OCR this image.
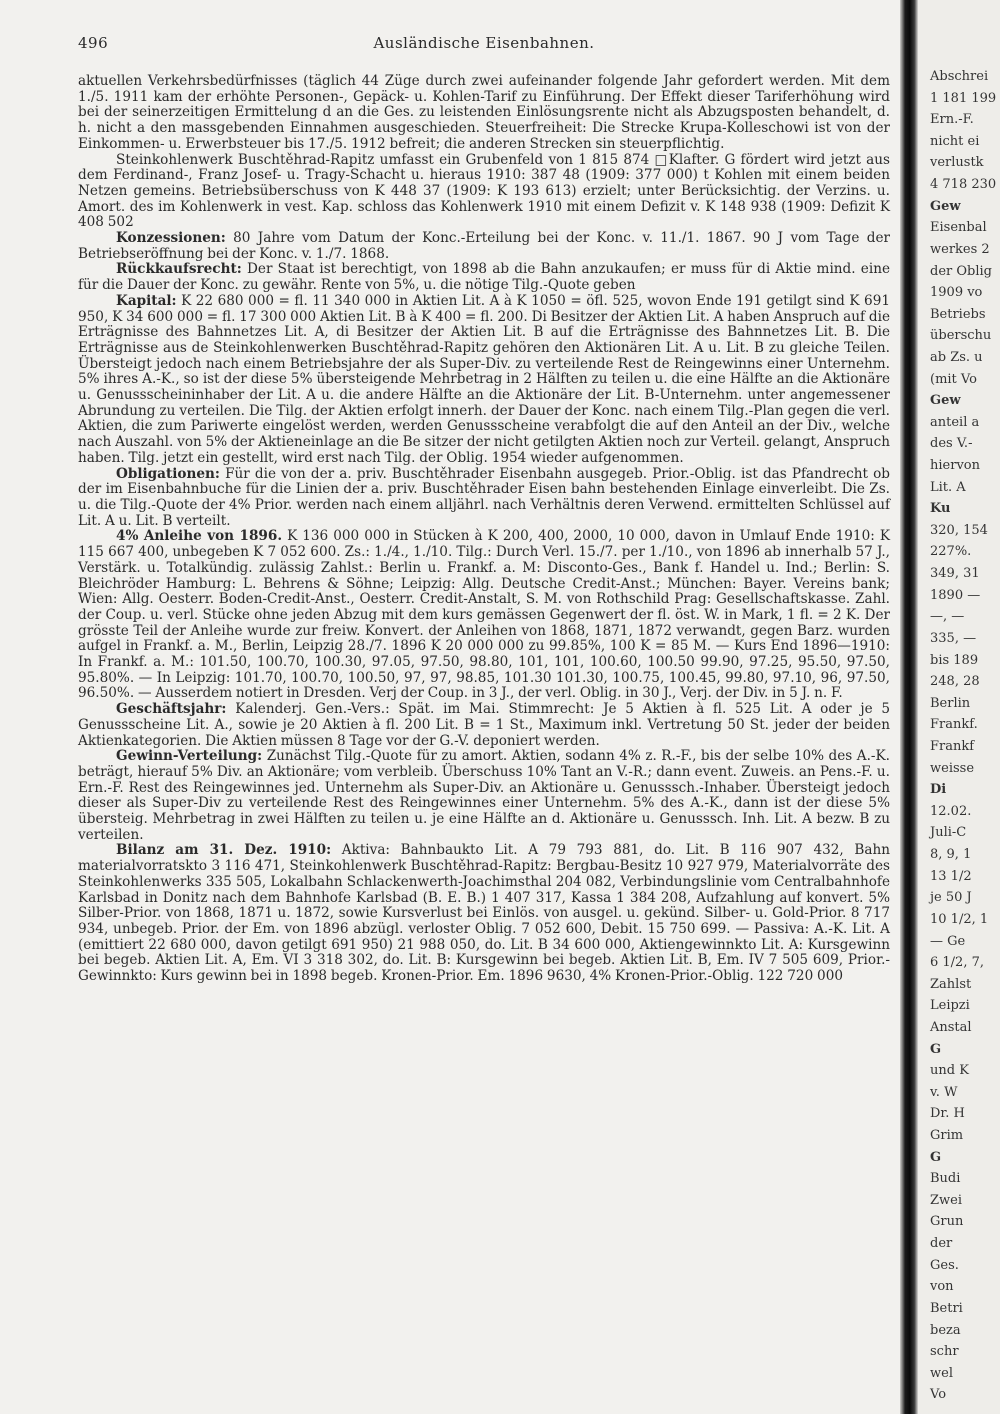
496	Ausländische Eisenbahnen.

aktuellen Verkehrsbedürfnisses (täglich 44 Züge durch zwei aufeinander folgende Jahr gefordert werden. Mit dem 1./5. 1911 kam der erhöhte Personen-, Gepäck- u. Kohlen-Tarif zu Einführung. Der Effekt dieser Tariferhöhung wird bei der seinerzeitigen Ermittelung d an die Ges. zu leistenden Einlösungsrente nicht als Abzugsposten behandelt, d. h. nicht a den massgebenden Einnahmen ausgeschieden. Steuerfreiheit: Die Strecke Krupa-Kolleschowi ist von der Einkommen- u. Erwerbsteuer bis 17./5. 1912 befreit; die anderen Strecken sin steuerpflichtig.

Steinkohlenwerk Buschtěhrad-Rapitz umfasst ein Grubenfeld von 1 815 874 □Klafter. G fördert wird jetzt aus dem Ferdinand-, Franz Josef- u. Tragy-Schacht u. hieraus 1910: 387 48 (1909: 377 000) t Kohlen mit einem beiden Netzen gemeins. Betriebsüberschuss von K 448 37 (1909: K 193 613) erzielt; unter Berücksichtig. der Verzins. u. Amort. des im Kohlenwerk in vest. Kap. schloss das Kohlenwerk 1910 mit einem Defizit v. K 148 938 (1909: Defizit K 408 502

Konzessionen: 80 Jahre vom Datum der Konc.-Erteilung bei der Konc. v. 11./1. 1867. 90 J vom Tage der Betriebseröffnung bei der Konc. v. 1./7. 1868.

Rückkaufsrecht: Der Staat ist berechtigt, von 1898 ab die Bahn anzukaufen; er muss für di Aktie mind. eine für die Dauer der Konc. zu gewähr. Rente von 5%, u. die nötige Tilg.-Quote geben

Kapital: K 22 680 000 = fl. 11 340 000 in Aktien Lit. A à K 1050 = öfl. 525, wovon Ende 191 getilgt sind K 691 950, K 34 600 000 = fl. 17 300 000 Aktien Lit. B à K 400 = fl. 200. Di Besitzer der Aktien Lit. A haben Anspruch auf die Erträgnisse des Bahnnetzes Lit. A, di Besitzer der Aktien Lit. B auf die Erträgnisse des Bahnnetzes Lit. B. Die Erträgnisse aus de Steinkohlenwerken Buschtěhrad-Rapitz gehören den Aktionären Lit. A u. Lit. B zu gleiche Teilen. Übersteigt jedoch nach einem Betriebsjahre der als Super-Div. zu verteilende Rest de Reingewinns einer Unternehm. 5% ihres A.-K., so ist der diese 5% übersteigende Mehrbetrag in 2 Hälften zu teilen u. die eine Hälfte an die Aktionäre u. Genussscheininhaber der Lit. A u. die andere Hälfte an die Aktionäre der Lit. B-Unternehm. unter angemessener Abrundung zu verteilen. Die Tilg. der Aktien erfolgt innerh. der Dauer der Konc. nach einem Tilg.-Plan gegen die verl. Aktien, die zum Pariwerte eingelöst werden, werden Genussscheine verabfolgt die auf den Anteil an der Div., welche nach Auszahl. von 5% der Aktieneinlage an die Be sitzer der nicht getilgten Aktien noch zur Verteil. gelangt, Anspruch haben. Tilg. jetzt ein gestellt, wird erst nach Tilg. der Oblig. 1954 wieder aufgenommen.

Obligationen: Für die von der a. priv. Buschtěhrader Eisenbahn ausgegeb. Prior.-Oblig. ist das Pfandrecht ob der im Eisenbahnbuche für die Linien der a. priv. Buschtěhrader Eisen bahn bestehenden Einlage einverleibt. Die Zs. u. die Tilg.-Quote der 4% Prior. werden nach einem alljährl. nach Verhältnis deren Verwend. ermittelten Schlüssel auf Lit. A u. Lit. B verteilt.

4% Anleihe von 1896. K 136 000 000 in Stücken à K 200, 400, 2000, 10 000, davon in Umlauf Ende 1910: K 115 667 400, unbegeben K 7 052 600. Zs.: 1./4., 1./10. Tilg.: Durch Verl. 15./7. per 1./10., von 1896 ab innerhalb 57 J., Verstärk. u. Totalkündig. zulässig Zahlst.: Berlin u. Frankf. a. M: Disconto-Ges., Bank f. Handel u. Ind.; Berlin: S. Bleichröder Hamburg: L. Behrens & Söhne; Leipzig: Allg. Deutsche Credit-Anst.; München: Bayer. Vereins bank; Wien: Allg. Oesterr. Boden-Credit-Anst., Oesterr. Credit-Anstalt, S. M. von Rothschild Prag: Gesellschaftskasse. Zahl. der Coup. u. verl. Stücke ohne jeden Abzug mit dem kurs gemässen Gegenwert der fl. öst. W. in Mark, 1 fl. = 2 K. Der grösste Teil der Anleihe wurde zur freiw. Konvert. der Anleihen von 1868, 1871, 1872 verwandt, gegen Barz. wurden aufgel in Frankf. a. M., Berlin, Leipzig 28./7. 1896 K 20 000 000 zu 99.85%, 100 K = 85 M. — Kurs End 1896—1910: In Frankf. a. M.: 101.50, 100.70, 100.30, 97.05, 97.50, 98.80, 101, 101, 100.60, 100.50 99.90, 97.25, 95.50, 97.50, 95.80%. — In Leipzig: 101.70, 100.70, 100.50, 97, 97, 98.85, 101.30 101.30, 100.75, 100.45, 99.80, 97.10, 96, 97.50, 96.50%. — Ausserdem notiert in Dresden. Verj der Coup. in 3 J., der verl. Oblig. in 30 J., Verj. der Div. in 5 J. n. F.

Geschäftsjahr: Kalenderj. Gen.-Vers.: Spät. im Mai. Stimmrecht: Je 5 Aktien à fl. 525 Lit. A oder je 5 Genussscheine Lit. A., sowie je 20 Aktien à fl. 200 Lit. B = 1 St., Maximum inkl. Vertretung 50 St. jeder der beiden Aktienkategorien. Die Aktien müssen 8 Tage vor der G.-V. deponiert werden.

Gewinn-Verteilung: Zunächst Tilg.-Quote für zu amort. Aktien, sodann 4% z. R.-F., bis der selbe 10% des A.-K. beträgt, hierauf 5% Div. an Aktionäre; vom verbleib. Überschuss 10% Tant an V.-R.; dann event. Zuweis. an Pens.-F. u. Ern.-F. Rest des Reingewinnes jed. Unternehm als Super-Div. an Aktionäre u. Genusssch.-Inhaber. Übersteigt jedoch dieser als Super-Div zu verteilende Rest des Reingewinnes einer Unternehm. 5% des A.-K., dann ist der diese 5% übersteig. Mehrbetrag in zwei Hälften zu teilen u. je eine Hälfte an d. Aktionäre u. Genusssch. Inh. Lit. A bezw. B zu verteilen.

Bilanz am 31. Dez. 1910: Aktiva: Bahnbaukto Lit. A 79 793 881, do. Lit. B 116 907 432, Bahn materialvorratskto 3 116 471, Steinkohlenwerk Buschtěhrad-Rapitz: Bergbau-Besitz 10 927 979, Materialvorräte des Steinkohlenwerks 335 505, Lokalbahn Schlackenwerth-Joachimsthal 204 082, Verbindungslinie vom Centralbahnhofe Karlsbad in Donitz nach dem Bahnhofe Karlsbad (B. E. B.) 1 407 317, Kassa 1 384 208, Aufzahlung auf konvert. 5% Silber-Prior. von 1868, 1871 u. 1872, sowie Kursverlust bei Einlös. von ausgel. u. gekünd. Silber- u. Gold-Prior. 8 717 934, unbegeb. Prior. der Em. von 1896 abzügl. verloster Oblig. 7 052 600, Debit. 15 750 699. — Passiva: A.-K. Lit. A (emittiert 22 680 000, davon getilgt 691 950) 21 988 050, do. Lit. B 34 600 000, Aktiengewinnkto Lit. A: Kursgewinn bei begeb. Aktien Lit. A, Em. VI 3 318 302, do. Lit. B: Kursgewinn bei begeb. Aktien Lit. B, Em. IV 7 505 609, Prior.-Gewinnkto: Kurs gewinn bei in 1898 begeb. Kronen-Prior. Em. 1896 9630, 4% Kronen-Prior.-Oblig. 122 720 000

Abschrei
1 181 199
Ern.-F.
nicht ei
verlustk
4 718 230
Gew
Eisenbal
werkes 2
der Oblig
1909 vo
Betriebs
überschu
ab Zs. u
(mit Vo
Gew
anteil a
des V.-
hiervon
Lit. A
Ku
320, 154
227%.
349, 31
1890 —
—, —
335, —
bis 189
248, 28
Berlin
Frankf.
Frankf
weisse
Di
12.02.
Juli-C
8, 9, 1
13 1/2
je 50 J
10 1/2, 1
— Ge
6 1/2, 7,
Zahlst
Leipzi
Anstal
G
und K
v. W
Dr. H
Grim
G
Budi
Zwei
Grun
der
Ges.
von
Betri
beza
schr
wel
Vo
